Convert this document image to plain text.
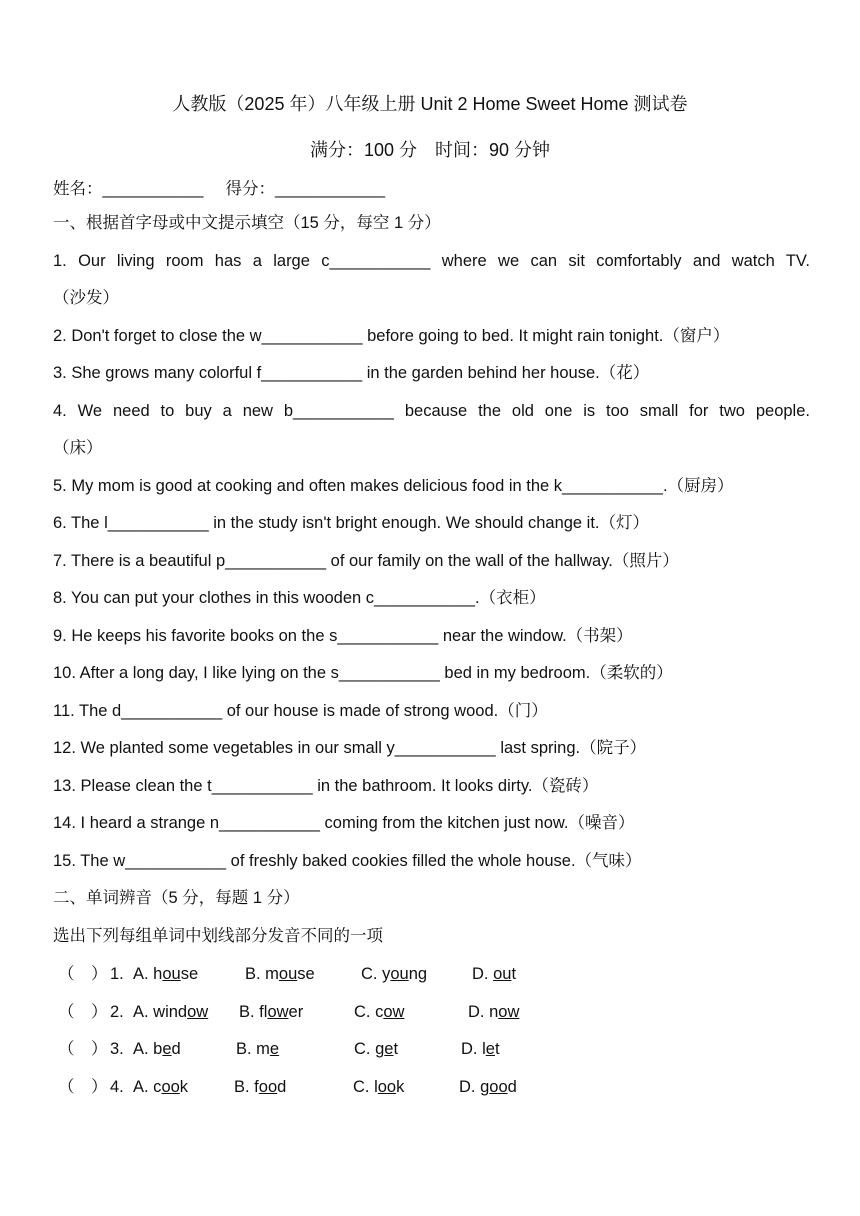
人教版（2025 年）八年级上册 Unit 2 Home Sweet Home 测试卷
满分：100 分　时间：90 分钟
姓名：___________ 得分：____________
一、根据首字母或中文提示填空（15 分，每空 1 分）
1. Our living room has a large c___________ where we can sit comfortably and watch TV.
（沙发）
2. Don't forget to close the w___________ before going to bed. It might rain tonight.（窗户）
3. She grows many colorful f___________ in the garden behind her house.（花）
4. We need to buy a new b___________ because the old one is too small for two people.
（床）
5. My mom is good at cooking and often makes delicious food in the k___________.（厨房）
6. The l___________ in the study isn't bright enough. We should change it.（灯）
7. There is a beautiful p___________ of our family on the wall of the hallway.（照片）
8. You can put your clothes in this wooden c___________.（衣柜）
9. He keeps his favorite books on the s___________ near the window.（书架）
10. After a long day, I like lying on the s___________ bed in my bedroom.（柔软的）
11. The d___________ of our house is made of strong wood.（门）
12. We planted some vegetables in our small y___________ last spring.（院子）
13. Please clean the t___________ in the bathroom. It looks dirty.（瓷砖）
14. I heard a strange n___________ coming from the kitchen just now.（噪音）
15. The w___________ of freshly baked cookies filled the whole house.（气味）
二、单词辨音（5 分，每题 1 分）
选出下列每组单词中划线部分发音不同的一项
（　） 1. A. house	B. mouse	C. young	D. out
（　） 2. A. window B. flower	C. cow	D. now
（　） 3. A. bed	B. me	C. get	D. let
（　） 4. A. cook	B. food	C. look	D. good
